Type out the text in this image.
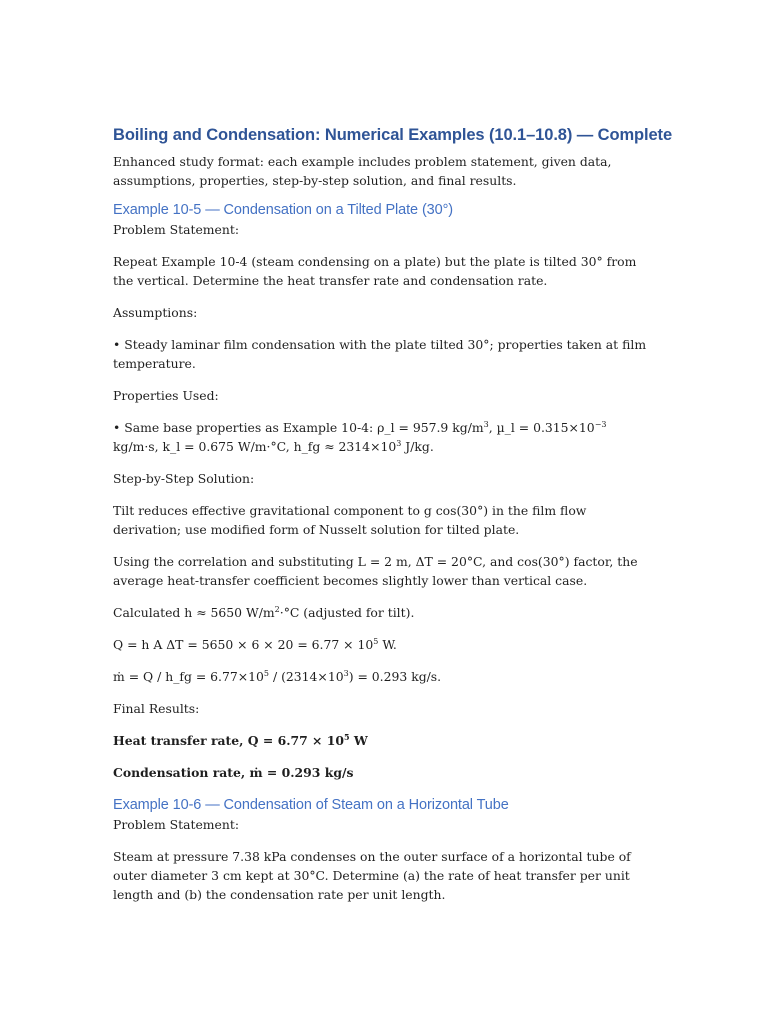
Boiling and Condensation: Numerical Examples (10.1–10.8) — Complete

Enhanced study format: each example includes problem statement, given data, assumptions, properties, step-by-step solution, and final results.

Example 10-5 — Condensation on a Tilted Plate (30°)

Problem Statement:

Repeat Example 10-4 (steam condensing on a plate) but the plate is tilted 30° from the vertical. Determine the heat transfer rate and condensation rate.

Assumptions:

• Steady laminar film condensation with the plate tilted 30°; properties taken at film temperature.

Properties Used:

• Same base properties as Example 10-4: ρ_l = 957.9 $kg/m^3$, µ_l = $0.315\times 10^{-3}$ kg/m·s, k_l = 0.675 W/m·°C, h_fg ≈ $2314\times 10^3$ J/kg.

Step-by-Step Solution:

Tilt reduces effective gravitational component to g cos(30°) in the film flow derivation; use modified form of Nusselt solution for tilted plate.

Using the correlation and substituting L = 2 m, ΔT = 20°C, and cos(30°) factor, the average heat-transfer coefficient becomes slightly lower than vertical case.

Calculated h ≈ 5650 $W/m^2\cdot^\circ C$ (adjusted for tilt).

Q = h A $\Delta T = 5650 \times 6 \times 20 = 6.77 \times 10^5$ W.

ṁ = Q / h_fg = $6.77\times 10^5 / (2314\times 10^3) = 0.293$ kg/s.

Final Results:

Heat transfer rate, $Q = 6.77 \times 10^5$ W

Condensation rate, ṁ = 0.293 kg/s

Example 10-6 — Condensation of Steam on a Horizontal Tube

Problem Statement:

Steam at pressure 7.38 kPa condenses on the outer surface of a horizontal tube of outer diameter 3 cm kept at 30°C. Determine (a) the rate of heat transfer per unit length and (b) the condensation rate per unit length.
